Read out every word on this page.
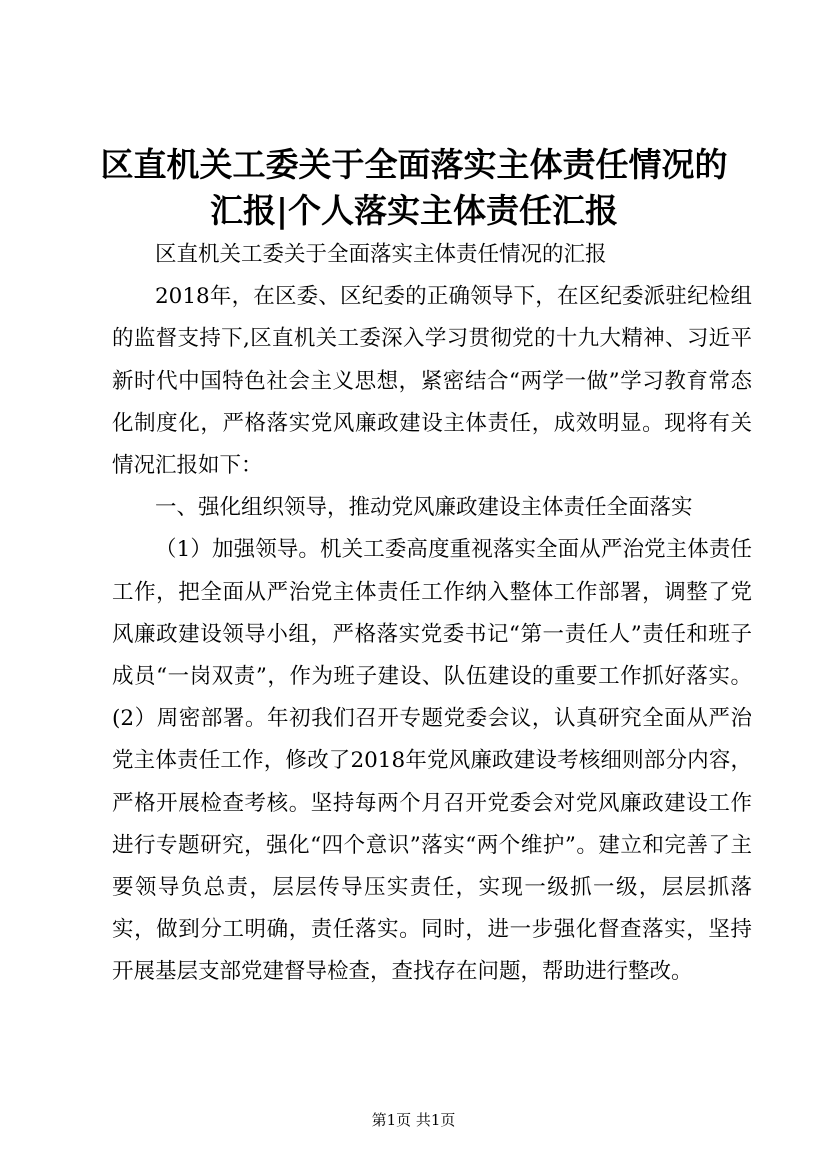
区直机关工委关于全面落实主体责任情况的汇报|个人落实主体责任汇报

区直机关工委关于全面落实主体责任情况的汇报

2018年，在区委、区纪委的正确领导下，在区纪委派驻纪检组的监督支持下,区直机关工委深入学习贯彻党的十九大精神、习近平新时代中国特色社会主义思想，紧密结合“两学一做”学习教育常态化制度化，严格落实党风廉政建设主体责任，成效明显。现将有关情况汇报如下：

一、强化组织领导，推动党风廉政建设主体责任全面落实

（1）加强领导。机关工委高度重视落实全面从严治党主体责任工作，把全面从严治党主体责任工作纳入整体工作部署，调整了党风廉政建设领导小组，严格落实党委书记“第一责任人”责任和班子成员“一岗双责”，作为班子建设、队伍建设的重要工作抓好落实。(2）周密部署。年初我们召开专题党委会议，认真研究全面从严治党主体责任工作，修改了2018年党风廉政建设考核细则部分内容，严格开展检查考核。坚持每两个月召开党委会对党风廉政建设工作进行专题研究，强化“四个意识”落实“两个维护”。建立和完善了主要领导负总责，层层传导压实责任，实现一级抓一级，层层抓落实，做到分工明确，责任落实。同时，进一步强化督查落实，坚持开展基层支部党建督导检查，查找存在问题，帮助进行整改。

第1页 共1页
